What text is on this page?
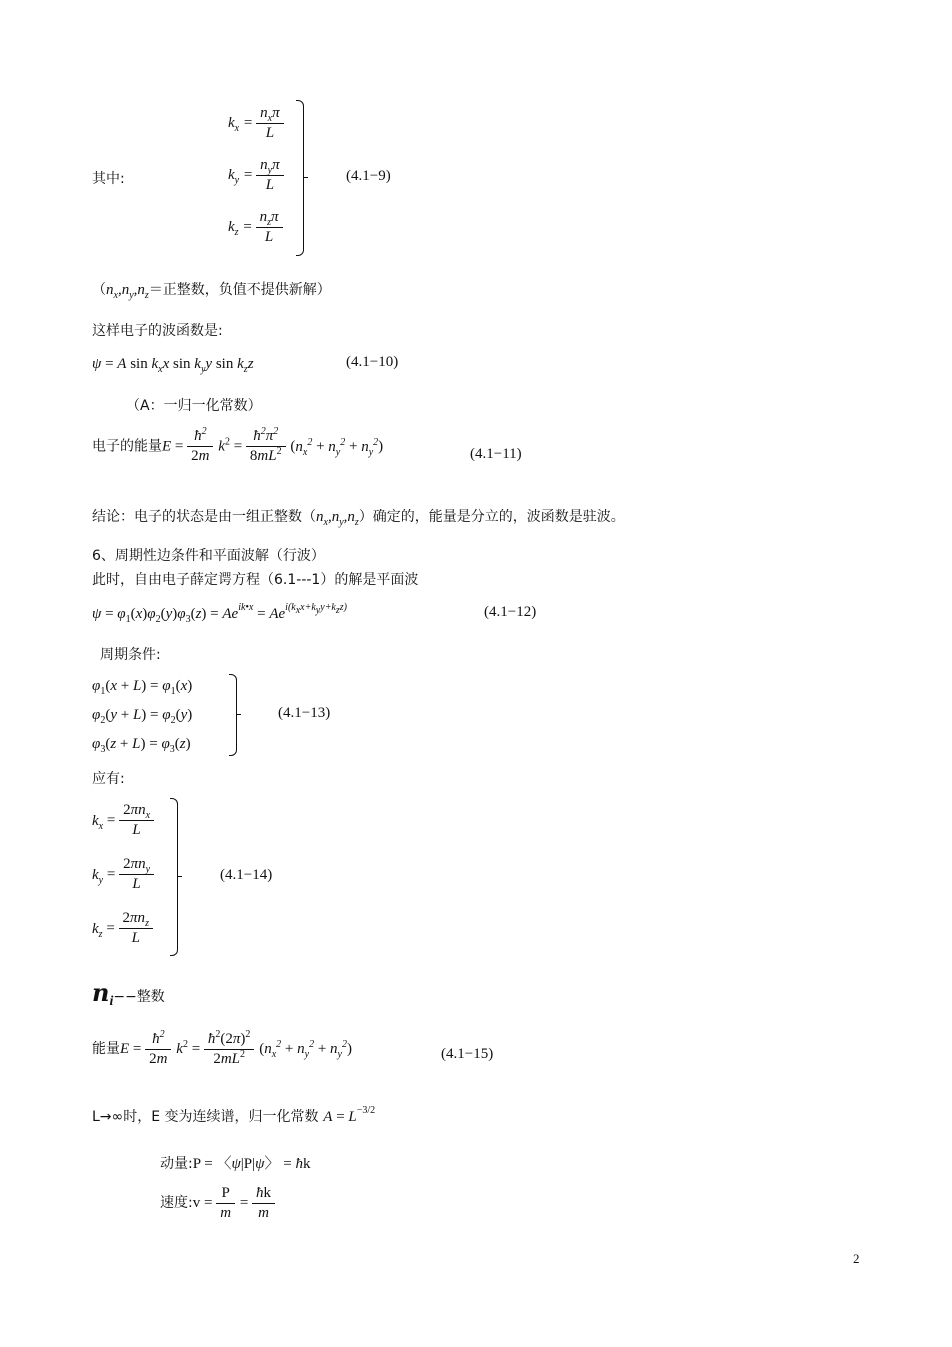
其中:
$k_x = \frac{n_x\pi}{L}$
$k_y = \frac{n_y\pi}{L}$
$k_z = \frac{n_z\pi}{L}$
(4.1−9)
（$n_x,n_y,n_z=$正整数，负值不提供新解）
这样电子的波函数是:
ψ = A $\sin k_xx$ $\sin k_yy$ $\sin k_zz$	(4.1−10)
（A：一归一化常数）
电子的能量$E = \frac{ħ^2}{2m} k^2 = \frac{ħ^2\pi^2}{8mL^2} (n_x^2 + n_y^2 + n_y^2)$	(4.1−11)
结论：电子的状态是由一组正整数$(n_x,n_y,n_z)$确定的，能量是分立的，波函数是驻波。
6、周期性边条件和平面波解（行波）
此时，自由电子薛定谔方程（6.1---1）的解是平面波
$\psi = \varphi_1(x)\varphi_2(y)\varphi_3(z) = Ae^{ik•x} = Ae^{i(k_xx+k_yy+k_zz)}$	(4.1−12)
周期条件:
$\varphi_1(x + L) = \varphi_1(x)$
$\varphi_2(y + L) = \varphi_2(y)$
$\varphi_3(z + L) = \varphi_3(z)$
(4.1−13)
应有:
$k_x = \frac{2\pi n_x}{L}$
$k_y = \frac{2\pi n_y}{L}$
$k_z = \frac{2\pi n_z}{L}$
(4.1−14)
$n_i--$整数
能量$E = \frac{ħ^2}{2m} k^2 = \frac{ħ^2(2\pi)^2}{2mL^2} (n_x^2 + n_y^2 + n_y^2)$	(4.1−15)
L→∞时，E 变为连续谱，归一化常数 $A = L^{-3/2}$
动量:P = 〈ψ|P|ψ〉 = ħk
速度:v = $\frac{P}{m} = \frac{ħk}{m}$
2
